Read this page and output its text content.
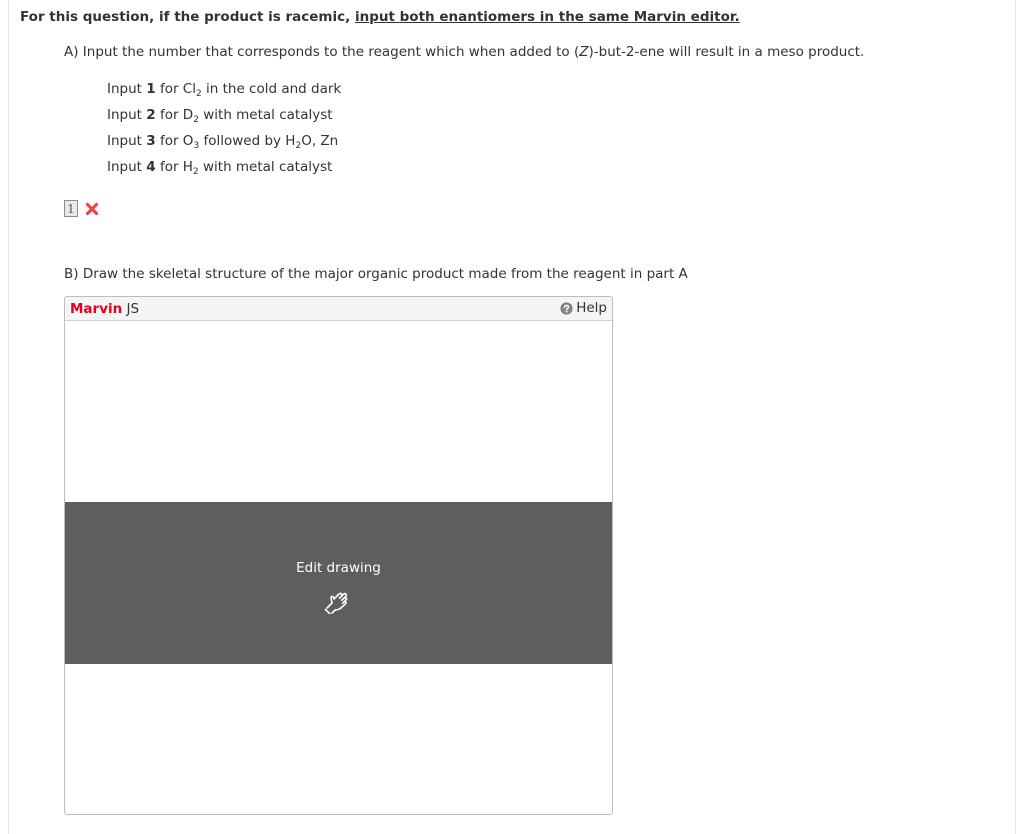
For this question, if the product is racemic, input both enantiomers in the same Marvin editor.
A) Input the number that corresponds to the reagent which when added to (Z)-but-2-ene will result in a meso product.
Input 1 for $Cl_2$ in the cold and dark
Input 2 for $D_2$ with metal catalyst
Input 3 for $O_3$ followed by $H_2O$, Zn
Input 4 for $H_2$ with metal catalyst
1
B) Draw the skeletal structure of the major organic product made from the reagent in part A
Marvin JS	Help
Edit drawing
